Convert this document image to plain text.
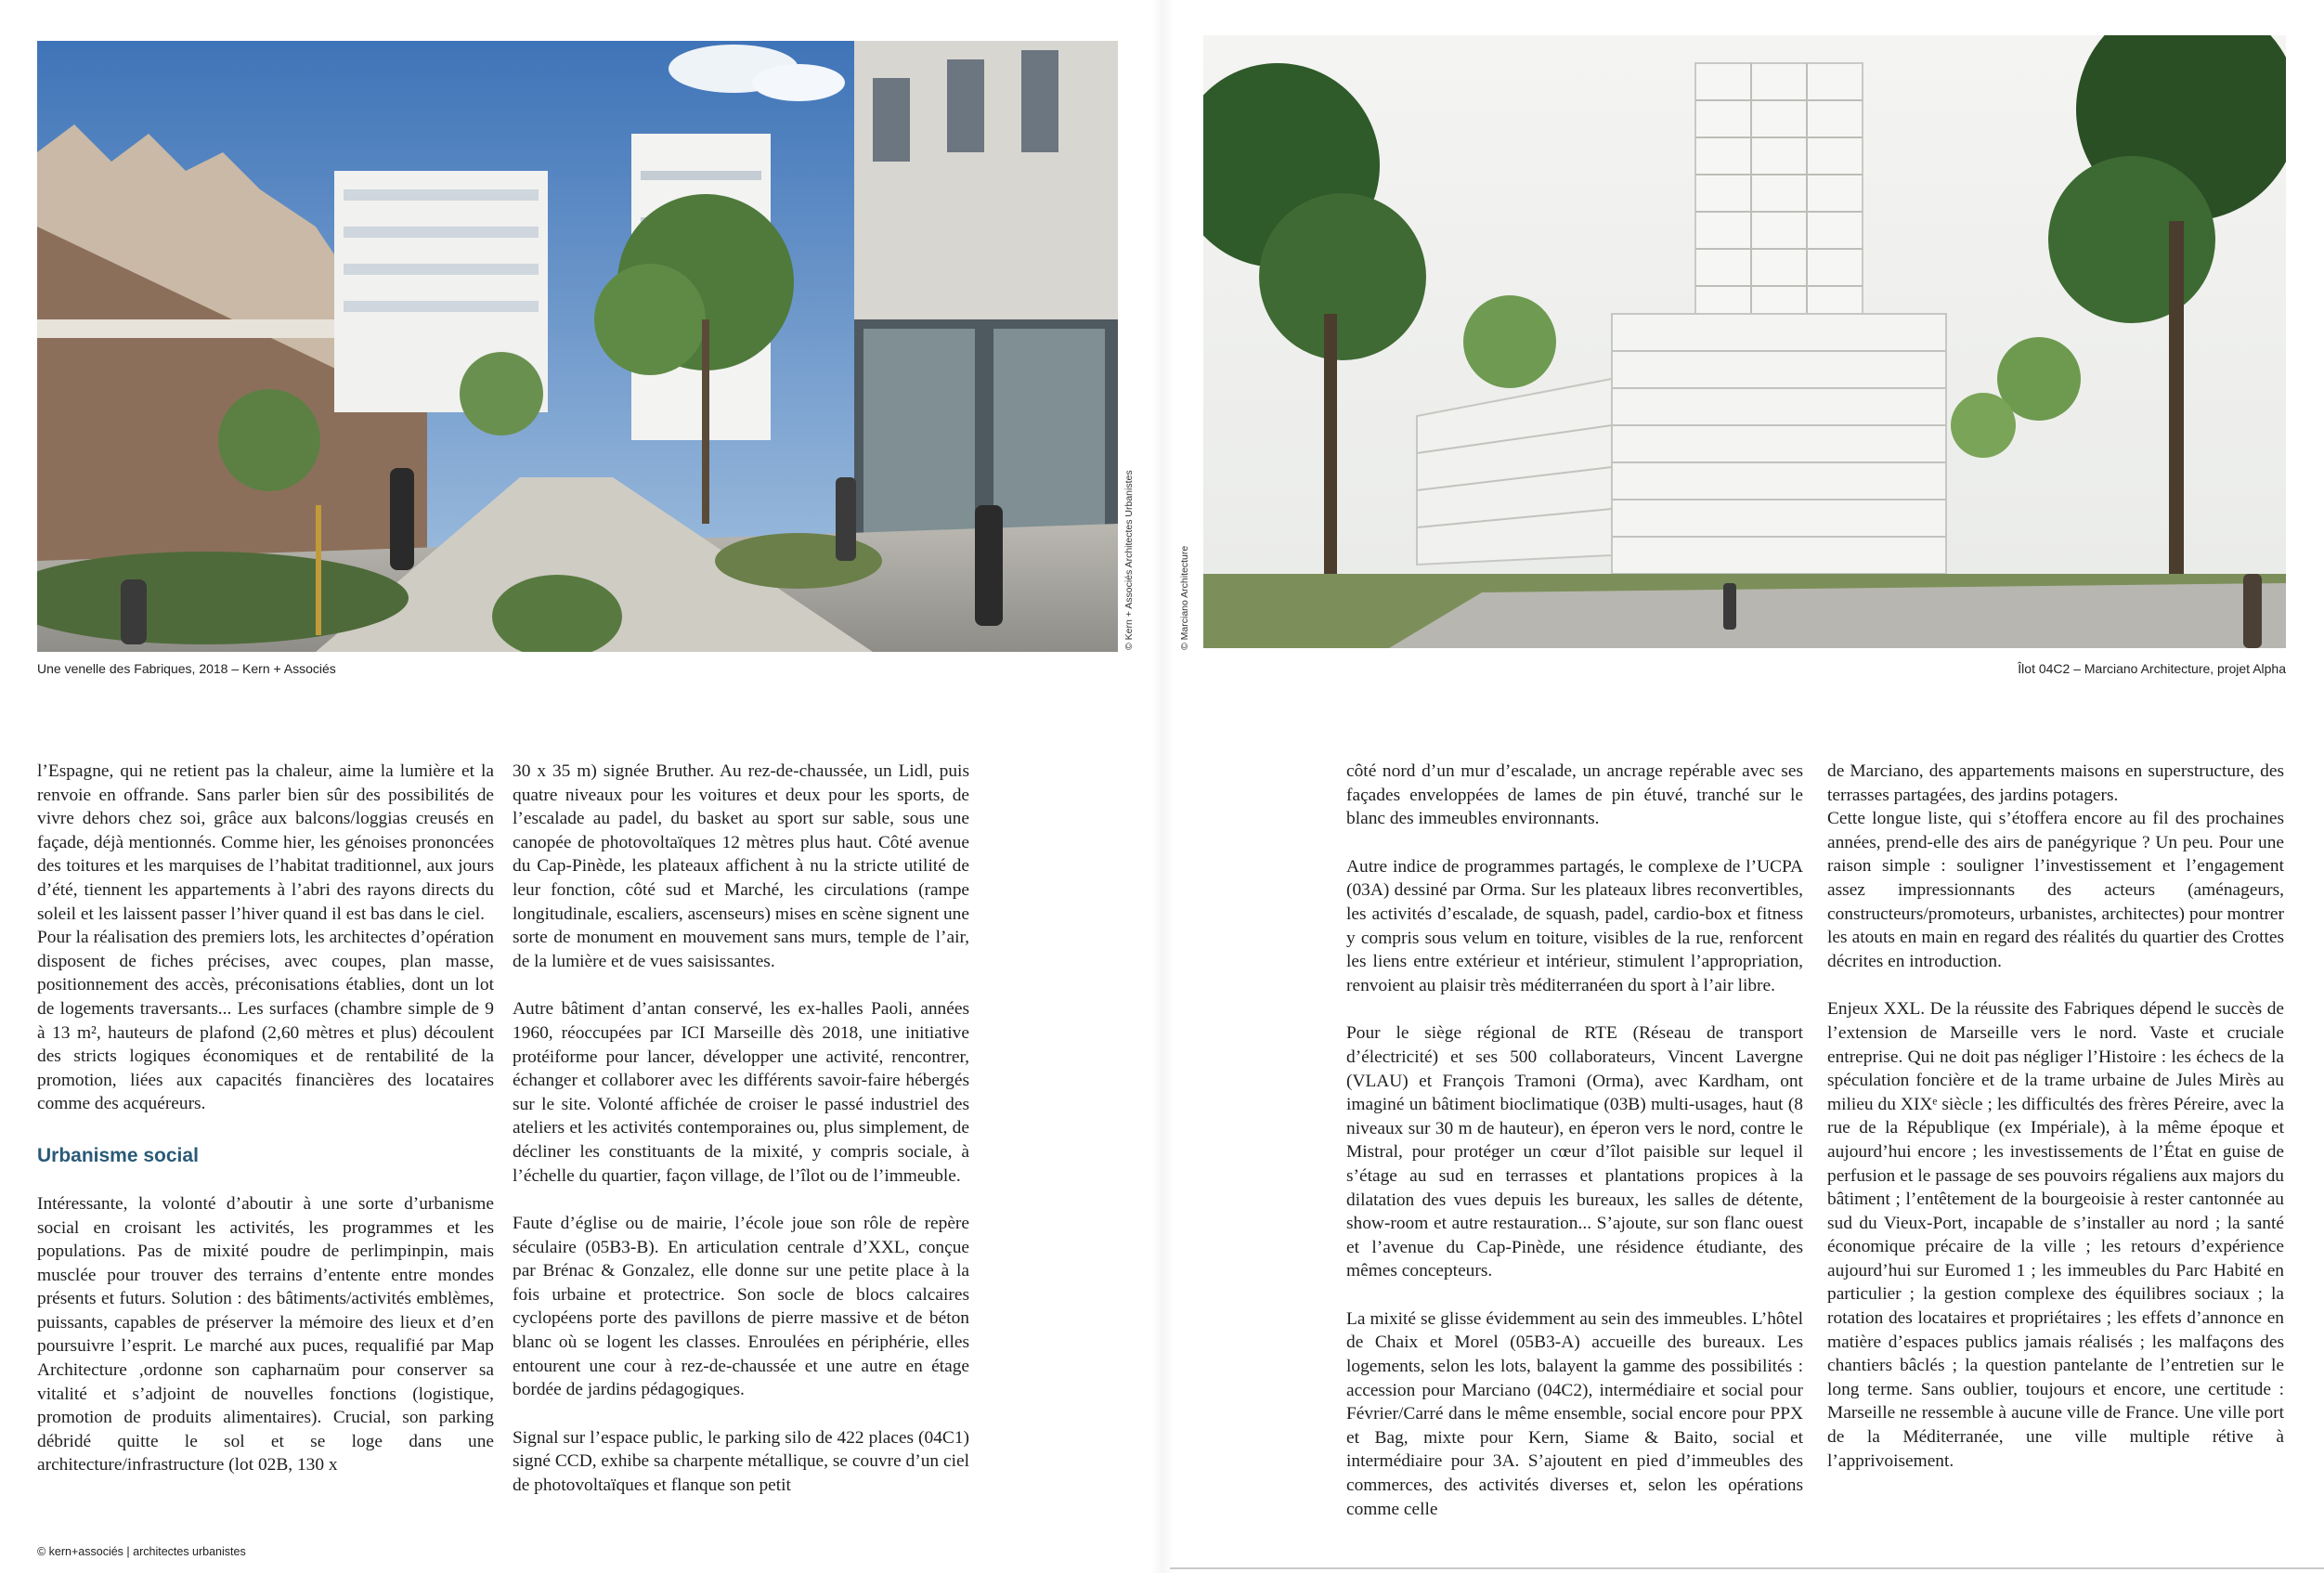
© Kern + Associés Architectes Urbanistes
Une venelle des Fabriques, 2018 – Kern + Associés
© Marciano Architecture
Îlot 04C2 – Marciano Architecture, projet Alpha

l’Espagne, qui ne retient pas la chaleur, aime la lumière et la renvoie en offrande. Sans parler bien sûr des possibilités de vivre dehors chez soi, grâce aux balcons/loggias creusés en façade, déjà mentionnés. Comme hier, les génoises prononcées des toitures et les marquises de l’habitat traditionnel, aux jours d’été, tiennent les appartements à l’abri des rayons directs du soleil et les laissent passer l’hiver quand il est bas dans le ciel.

Pour la réalisation des premiers lots, les architectes d’opération disposent de fiches précises, avec coupes, plan masse, positionnement des accès, préconisations établies, dont un lot de logements traversants... Les surfaces (chambre simple de 9 à 13 m², hauteurs de plafond (2,60 mètres et plus) découlent des stricts logiques économiques et de rentabilité de la promotion, liées aux capacités financières des locataires comme des acquéreurs.

Urbanisme social

Intéressante, la volonté d’aboutir à une sorte d’urbanisme social en croisant les activités, les programmes et les populations. Pas de mixité poudre de perlimpinpin, mais musclée pour trouver des terrains d’entente entre mondes présents et futurs. Solution : des bâtiments/activités emblèmes, puissants, capables de préserver la mémoire des lieux et d’en poursuivre l’esprit. Le marché aux puces, requalifié par Map Architecture ,ordonne son capharnaüm pour conserver sa vitalité et s’adjoint de nouvelles fonctions (logistique, promotion de produits alimentaires). Crucial, son parking débridé quitte le sol et se loge dans une architecture/infrastructure (lot 02B, 130 x

30 x 35 m) signée Bruther. Au rez-de-chaussée, un Lidl, puis quatre niveaux pour les voitures et deux pour les sports, de l’escalade au padel, du basket au sport sur sable, sous une canopée de photovoltaïques 12 mètres plus haut. Côté avenue du Cap-Pinède, les plateaux affichent à nu la stricte utilité de leur fonction, côté sud et Marché, les circulations (rampe longitudinale, escaliers, ascenseurs) mises en scène signent une sorte de monument en mouvement sans murs, temple de l’air, de la lumière et de vues saisissantes.

Autre bâtiment d’antan conservé, les ex-halles Paoli, années 1960, réoccupées par ICI Marseille dès 2018, une initiative protéiforme pour lancer, développer une activité, rencontrer, échanger et collaborer avec les différents savoir-faire hébergés sur le site. Volonté affichée de croiser le passé industriel des ateliers et les activités contemporaines ou, plus simplement, de décliner les constituants de la mixité, y compris sociale, à l’échelle du quartier, façon village, de l’îlot ou de l’immeuble.

Faute d’église ou de mairie, l’école joue son rôle de repère séculaire (05B3-B). En articulation centrale d’XXL, conçue par Brénac & Gonzalez, elle donne sur une petite place à la fois urbaine et protectrice. Son socle de blocs calcaires cyclopéens porte des pavillons de pierre massive et de béton blanc où se logent les classes. Enroulées en périphérie, elles entourent une cour à rez-de-chaussée et une autre en étage bordée de jardins pédagogiques.

Signal sur l’espace public, le parking silo de 422 places (04C1) signé CCD, exhibe sa charpente métallique, se couvre d’un ciel de photovoltaïques et flanque son petit

côté nord d’un mur d’escalade, un ancrage repérable avec ses façades enveloppées de lames de pin étuvé, tranché sur le blanc des immeubles environnants.

Autre indice de programmes partagés, le complexe de l’UCPA (03A) dessiné par Orma. Sur les plateaux libres reconvertibles, les activités d’escalade, de squash, padel, cardio-box et fitness y compris sous velum en toiture, visibles de la rue, renforcent les liens entre extérieur et intérieur, stimulent l’appropriation, renvoient au plaisir très méditerranéen du sport à l’air libre.

Pour le siège régional de RTE (Réseau de transport d’électricité) et ses 500 collaborateurs, Vincent Lavergne (VLAU) et François Tramoni (Orma), avec Kardham, ont imaginé un bâtiment bioclimatique (03B) multi-usages, haut (8 niveaux sur 30 m de hauteur), en éperon vers le nord, contre le Mistral, pour protéger un cœur d’îlot paisible sur lequel il s’étage au sud en terrasses et plantations propices à la dilatation des vues depuis les bureaux, les salles de détente, show-room et autre restauration... S’ajoute, sur son flanc ouest et l’avenue du Cap-Pinède, une résidence étudiante, des mêmes concepteurs.

La mixité se glisse évidemment au sein des immeubles. L’hôtel de Chaix et Morel (05B3-A) accueille des bureaux. Les logements, selon les lots, balayent la gamme des possibilités : accession pour Marciano (04C2), intermédiaire et social pour Février/Carré dans le même ensemble, social encore pour PPX et Bag, mixte pour Kern, Siame & Baito, social et intermédiaire pour 3A. S’ajoutent en pied d’immeubles des commerces, des activités diverses et, selon les opérations comme celle

de Marciano, des appartements maisons en superstructure, des terrasses partagées, des jardins potagers.

Cette longue liste, qui s’étoffera encore au fil des prochaines années, prend-elle des airs de panégyrique ? Un peu. Pour une raison simple : souligner l’investissement et l’engagement assez impressionnants des acteurs (aménageurs, constructeurs/promoteurs, urbanistes, architectes) pour montrer les atouts en main en regard des réalités du quartier des Crottes décrites en introduction.

Enjeux XXL. De la réussite des Fabriques dépend le succès de l’extension de Marseille vers le nord. Vaste et cruciale entreprise. Qui ne doit pas négliger l’Histoire : les échecs de la spéculation foncière et de la trame urbaine de Jules Mirès au milieu du XIXᵉ siècle ; les difficultés des frères Péreire, avec la rue de la République (ex Impériale), à la même époque et aujourd’hui encore ; les investissements de l’État en guise de perfusion et le passage de ses pouvoirs régaliens aux majors du bâtiment ; l’entêtement de la bourgeoisie à rester cantonnée au sud du Vieux-Port, incapable de s’installer au nord ; la santé économique précaire de la ville ; les retours d’expérience aujourd’hui sur Euromed 1 ; les immeubles du Parc Habité en particulier ; la gestion complexe des équilibres sociaux ; la rotation des locataires et propriétaires ; les effets d’annonce en matière d’espaces publics jamais réalisés ; les malfaçons des chantiers bâclés ; la question pantelante de l’entretien sur le long terme. Sans oublier, toujours et encore, une certitude : Marseille ne ressemble à aucune ville de France. Une ville port de la Méditerranée, une ville multiple rétive à l’apprivoisement.

© kern+associés | architectes urbanistes
